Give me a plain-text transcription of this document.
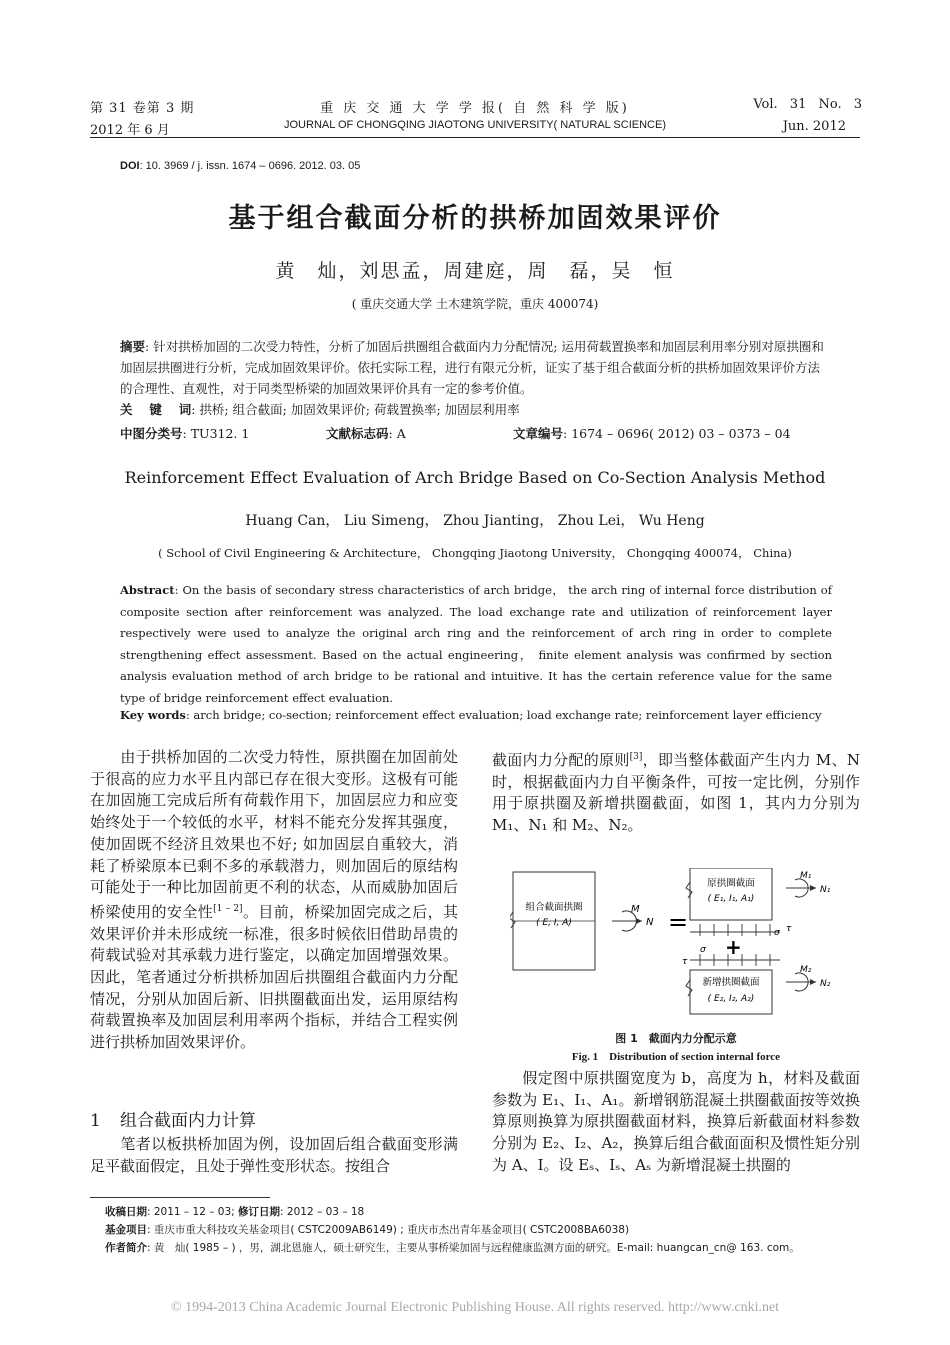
第 31 卷第 3 期
2012 年 6 月
重 庆 交 通 大 学 学 报( 自 然 科 学 版)
JOURNAL OF CHONGQING JIAOTONG UNIVERSITY( NATURAL SCIENCE)
Vol. 31 No. 3
Jun. 2012
DOI: 10. 3969 / j. issn. 1674 – 0696. 2012. 03. 05
基于组合截面分析的拱桥加固效果评价
黄　灿，刘思孟，周建庭，周　磊，吴　恒
( 重庆交通大学 土木建筑学院，重庆 400074)
摘要: 针对拱桥加固的二次受力特性，分析了加固后拱圈组合截面内力分配情况; 运用荷载置换率和加固层利用率分别对原拱圈和加固层拱圈进行分析，完成加固效果评价。依托实际工程，进行有限元分析，证实了基于组合截面分析的拱桥加固效果评价方法的合理性、直观性，对于同类型桥梁的加固效果评价具有一定的参考价值。
关　 键　 词: 拱桥; 组合截面; 加固效果评价; 荷载置换率; 加固层利用率
中图分类号: TU312. 1	文献标志码: A	文章编号: 1674 – 0696( 2012) 03 – 0373 – 04
Reinforcement Effect Evaluation of Arch Bridge Based on Co-Section Analysis Method
Huang Can， Liu Simeng， Zhou Jianting， Zhou Lei， Wu Heng
( School of Civil Engineering & Architecture， Chongqing Jiaotong University， Chongqing 400074， China)
Abstract: On the basis of secondary stress characteristics of arch bridge， the arch ring of internal force distribution of composite section after reinforcement was analyzed. The load exchange rate and utilization of reinforcement layer respectively were used to analyze the original arch ring and the reinforcement of arch ring in order to complete strengthening effect assessment. Based on the actual engineering， finite element analysis was confirmed by section analysis evaluation method of arch bridge to be rational and intuitive. It has the certain reference value for the same type of bridge reinforcement effect evaluation.
Key words: arch bridge; co-section; reinforcement effect evaluation; load exchange rate; reinforcement layer efficiency
由于拱桥加固的二次受力特性，原拱圈在加固前处于很高的应力水平且内部已存在很大变形。这极有可能在加固施工完成后所有荷载作用下，加固层应力和应变始终处于一个较低的水平，材料不能充分发挥其强度，使加固既不经济且效果也不好; 如加固层自重较大，消耗了桥梁原本已剩不多的承载潜力，则加固后的原结构可能处于一种比加固前更不利的状态，从而威胁加固后桥梁使用的安全性[1 – 2]。目前，桥梁加固完成之后，其效果评价并未形成统一标准，很多时候依旧借助昂贵的荷载试验对其承载力进行鉴定，以确定加固增强效果。因此，笔者通过分析拱桥加固后拱圈组合截面内力分配情况，分别从加固后新、旧拱圈截面出发，运用原结构荷载置换率及加固层利用率两个指标，并结合工程实例进行拱桥加固效果评价。
1 组合截面内力计算
笔者以板拱桥加固为例，设加固后组合截面变形满足平截面假定，且处于弹性变形状态。按组合
截面内力分配的原则[3]，即当整体截面产生内力 M、N 时，根据截面内力自平衡条件，可按一定比例，分别作用于原拱圈及新增拱圈截面，如图 1，其内力分别为 M₁、N₁ 和 M₂、N₂。
组合截面拱圈
( E, I, A)
M
N =
原拱圈截面
( E₁, I₁, A₁)
M₁
N₁
σ τ
+
σ
τ
新增拱圈截面
( E₂, I₂, A₂)
M₂
N₂
图 1　截面内力分配示意
Fig. 1　Distribution of section internal force
假定图中原拱圈宽度为 b，高度为 h，材料及截面参数为 E₁、I₁、A₁。新增钢筋混凝土拱圈截面按等效换算原则换算为原拱圈截面材料，换算后新截面材料参数分别为 E₂、I₂、A₂，换算后组合截面面积及惯性矩分别为 A、I。设 Eₛ、Iₛ、Aₛ 为新增混凝土拱圈的
收稿日期: 2011 – 12 – 03; 修订日期: 2012 – 03 – 18
基金项目: 重庆市重大科技攻关基金项目( CSTC2009AB6149) ; 重庆市杰出青年基金项目( CSTC2008BA6038)
作者简介: 黄　灿( 1985 – ) ，男，湖北恩施人，硕士研究生，主要从事桥梁加固与远程健康监测方面的研究。E-mail: huangcan_cn@ 163. com。
© 1994-2013 China Academic Journal Electronic Publishing House. All rights reserved. http://www.cnki.net
